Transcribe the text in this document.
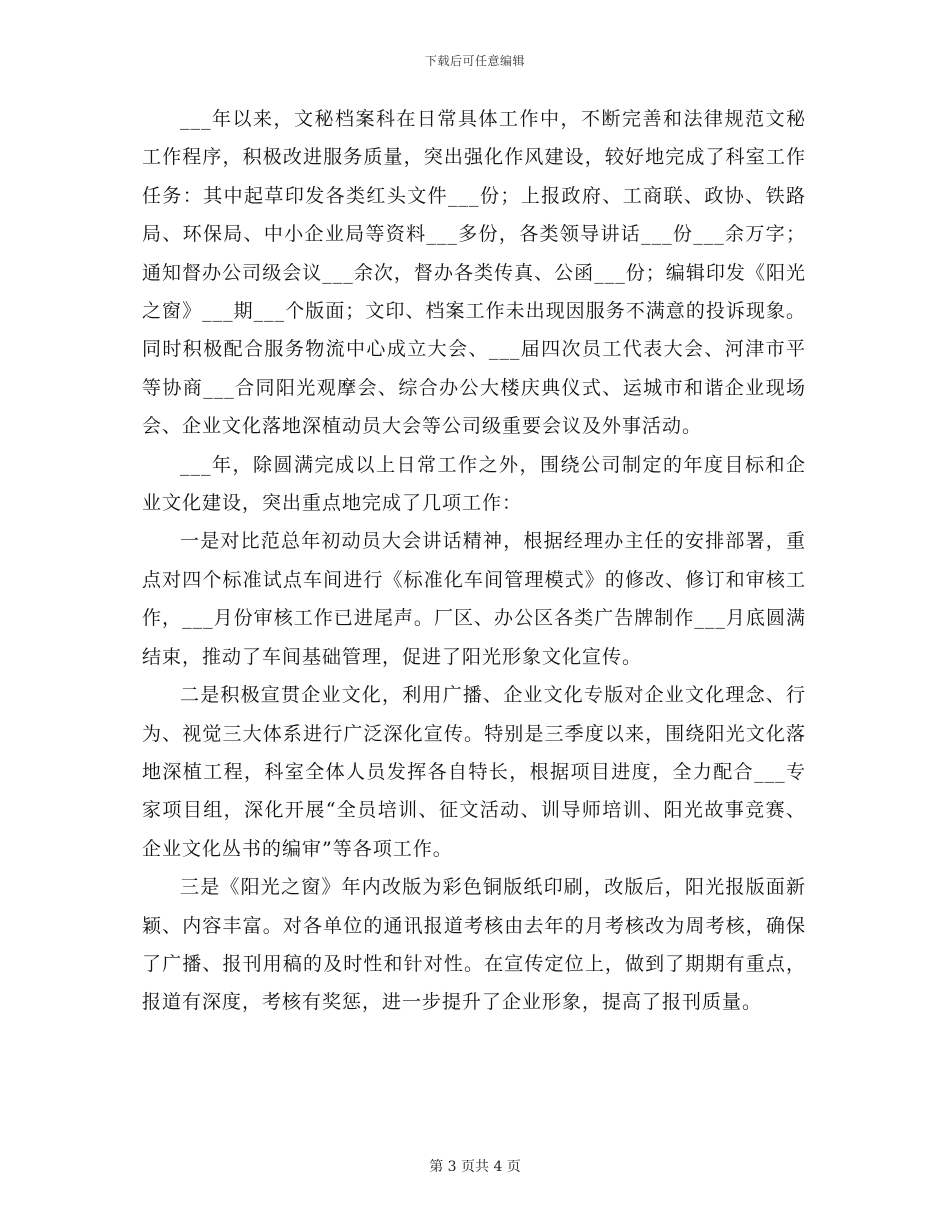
下载后可任意编辑

___年以来，文秘档案科在日常具体工作中，不断完善和法律规范文秘工作程序，积极改进服务质量，突出强化作风建设，较好地完成了科室工作任务：其中起草印发各类红头文件___份；上报政府、工商联、政协、铁路局、环保局、中小企业局等资料___多份，各类领导讲话___份___余万字；通知督办公司级会议___余次，督办各类传真、公函___份；编辑印发《阳光之窗》___期___个版面；文印、档案工作未出现因服务不满意的投诉现象。同时积极配合服务物流中心成立大会、___届四次员工代表大会、河津市平等协商___合同阳光观摩会、综合办公大楼庆典仪式、运城市和谐企业现场会、企业文化落地深植动员大会等公司级重要会议及外事活动。

___年，除圆满完成以上日常工作之外，围绕公司制定的年度目标和企业文化建设，突出重点地完成了几项工作：

一是对比范总年初动员大会讲话精神，根据经理办主任的安排部署，重点对四个标准试点车间进行《标准化车间管理模式》的修改、修订和审核工作，___月份审核工作已进尾声。厂区、办公区各类广告牌制作___月底圆满结束，推动了车间基础管理，促进了阳光形象文化宣传。

二是积极宣贯企业文化，利用广播、企业文化专版对企业文化理念、行为、视觉三大体系进行广泛深化宣传。特别是三季度以来，围绕阳光文化落地深植工程，科室全体人员发挥各自特长，根据项目进度，全力配合___专家项目组，深化开展“全员培训、征文活动、训导师培训、阳光故事竞赛、企业文化丛书的编审”等各项工作。

三是《阳光之窗》年内改版为彩色铜版纸印刷，改版后，阳光报版面新颖、内容丰富。对各单位的通讯报道考核由去年的月考核改为周考核，确保了广播、报刊用稿的及时性和针对性。在宣传定位上，做到了期期有重点，报道有深度，考核有奖惩，进一步提升了企业形象，提高了报刊质量。

第 3 页共 4 页
